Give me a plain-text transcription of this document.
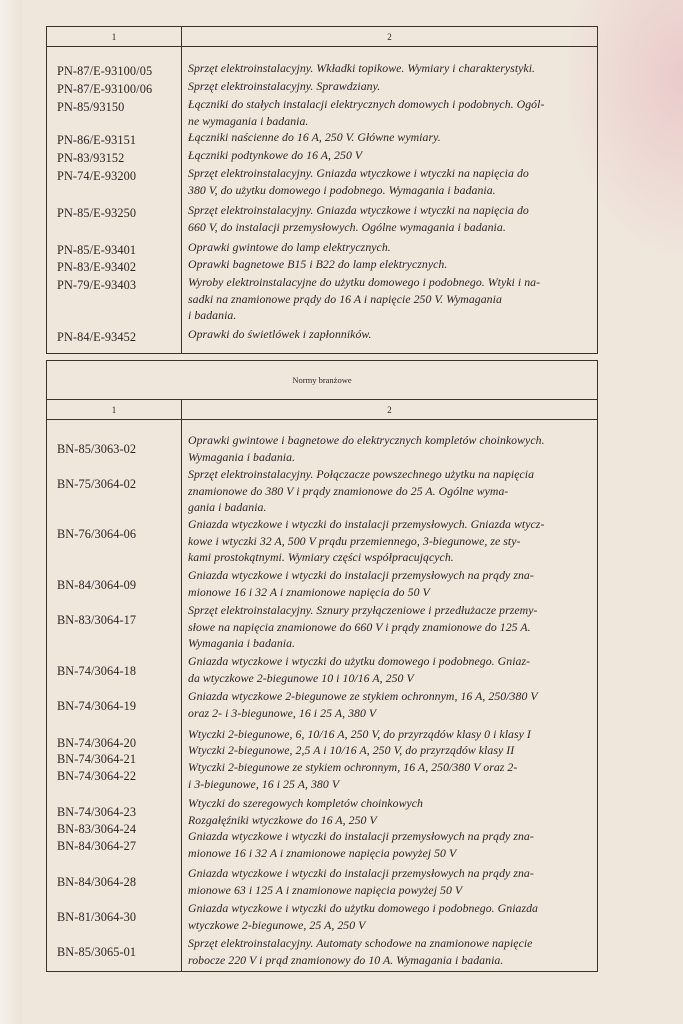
1	2
PN-87/E-93100/05
PN-87/E-93100/06
PN-85/93150
PN-86/E-93151
PN-83/93152
PN-74/E-93200
PN-85/E-93250
PN-85/E-93401
PN-83/E-93402
PN-79/E-93403
PN-84/E-93452
Sprzęt elektroinstalacyjny. Wkładki topikowe. Wymiary i charakterystyki.
Sprzęt elektroinstalacyjny. Sprawdziany.
Łączniki do stałych instalacji elektrycznych domowych i podobnych. Ogól-
ne wymagania i badania.
Łączniki naścienne do 16 A, 250 V. Główne wymiary.
Łączniki podtynkowe do 16 A, 250 V
Sprzęt elektroinstalacyjny. Gniazda wtyczkowe i wtyczki na napięcia do
380 V, do użytku domowego i podobnego. Wymagania i badania.
Sprzęt elektroinstalacyjny. Gniazda wtyczkowe i wtyczki na napięcia do
660 V, do instalacji przemysłowych. Ogólne wymagania i badania.
Oprawki gwintowe do lamp elektrycznych.
Oprawki bagnetowe B15 i B22 do lamp elektrycznych.
Wyroby elektroinstalacyjne do użytku domowego i podobnego. Wtyki i na-
sadki na znamionowe prądy do 16 A i napięcie 250 V. Wymagania
i badania.
Oprawki do świetlówek i zapłonników.
Normy branżowe
1	2
BN-85/3063-02
BN-75/3064-02
BN-76/3064-06
BN-84/3064-09
BN-83/3064-17
BN-74/3064-18
BN-74/3064-19
BN-74/3064-20
BN-74/3064-21
BN-74/3064-22
BN-74/3064-23
BN-83/3064-24
BN-84/3064-27
BN-84/3064-28
BN-81/3064-30
BN-85/3065-01
Oprawki gwintowe i bagnetowe do elektrycznych kompletów choinkowych.
Wymagania i badania.
Sprzęt elektroinstalacyjny. Połączacze powszechnego użytku na napięcia
znamionowe do 380 V i prądy znamionowe do 25 A. Ogólne wyma-
gania i badania.
Gniazda wtyczkowe i wtyczki do instalacji przemysłowych. Gniazda wtycz-
kowe i wtyczki 32 A, 500 V prądu przemiennego, 3-biegunowe, ze sty-
kami prostokątnymi. Wymiary części współpracujących.
Gniazda wtyczkowe i wtyczki do instalacji przemysłowych na prądy zna-
mionowe 16 i 32 A i znamionowe napięcia do 50 V
Sprzęt elektroinstalacyjny. Sznury przyłączeniowe i przedłużacze przemy-
słowe na napięcia znamionowe do 660 V i prądy znamionowe do 125 A.
Wymagania i badania.
Gniazda wtyczkowe i wtyczki do użytku domowego i podobnego. Gniaz-
da wtyczkowe 2-biegunowe 10 i 10/16 A, 250 V
Gniazda wtyczkowe 2-biegunowe ze stykiem ochronnym, 16 A, 250/380 V
oraz 2- i 3-biegunowe, 16 i 25 A, 380 V
Wtyczki 2-biegunowe, 6, 10/16 A, 250 V, do przyrządów klasy 0 i klasy I
Wtyczki 2-biegunowe, 2,5 A i 10/16 A, 250 V, do przyrządów klasy II
Wtyczki 2-biegunowe ze stykiem ochronnym, 16 A, 250/380 V oraz 2-
i 3-biegunowe, 16 i 25 A, 380 V
Wtyczki do szeregowych kompletów choinkowych
Rozgałęźniki wtyczkowe do 16 A, 250 V
Gniazda wtyczkowe i wtyczki do instalacji przemysłowych na prądy zna-
mionowe 16 i 32 A i znamionowe napięcia powyżej 50 V
Gniazda wtyczkowe i wtyczki do instalacji przemysłowych na prądy zna-
mionowe 63 i 125 A i znamionowe napięcia powyżej 50 V
Gniazda wtyczkowe i wtyczki do użytku domowego i podobnego. Gniazda
wtyczkowe 2-biegunowe, 25 A, 250 V
Sprzęt elektroinstalacyjny. Automaty schodowe na znamionowe napięcie
robocze 220 V i prąd znamionowy do 10 A. Wymagania i badania.
